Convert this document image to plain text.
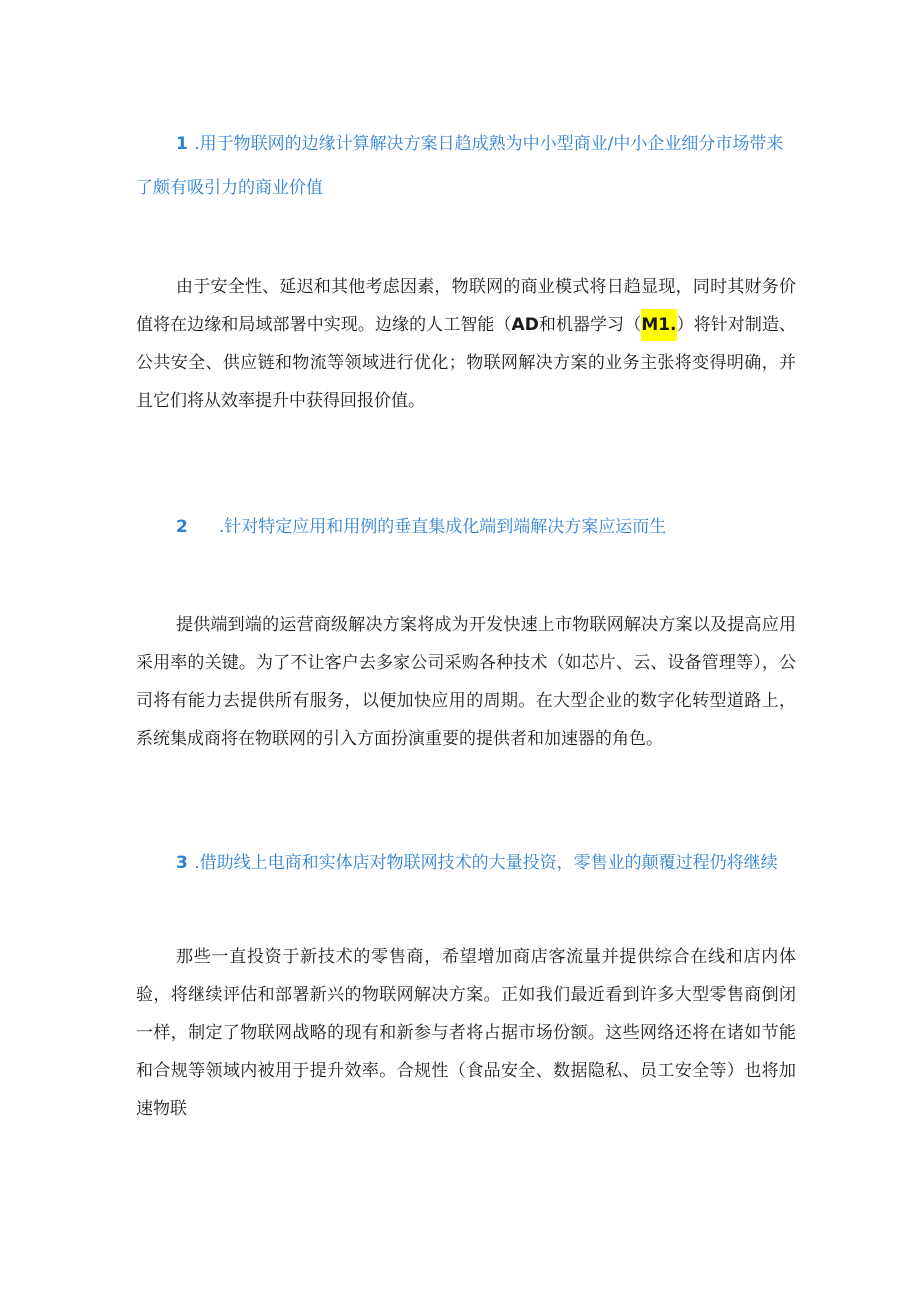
1 .用于物联网的边缘计算解决方案日趋成熟为中小型商业/中小企业细分市场带来了颇有吸引力的商业价值

由于安全性、延迟和其他考虑因素，物联网的商业模式将日趋显现，同时其财务价值将在边缘和局域部署中实现。边缘的人工智能（AD和机器学习（M1.）将针对制造、公共安全、供应链和物流等领域进行优化；物联网解决方案的业务主张将变得明确，并且它们将从效率提升中获得回报价值。

2 .针对特定应用和用例的垂直集成化端到端解决方案应运而生

提供端到端的运营商级解决方案将成为开发快速上市物联网解决方案以及提高应用采用率的关键。为了不让客户去多家公司采购各种技术（如芯片、云、设备管理等），公司将有能力去提供所有服务，以便加快应用的周期。在大型企业的数字化转型道路上，系统集成商将在物联网的引入方面扮演重要的提供者和加速器的角色。

3 .借助线上电商和实体店对物联网技术的大量投资，零售业的颠覆过程仍将继续

那些一直投资于新技术的零售商，希望增加商店客流量并提供综合在线和店内体验，将继续评估和部署新兴的物联网解决方案。正如我们最近看到许多大型零售商倒闭一样，制定了物联网战略的现有和新参与者将占据市场份额。这些网络还将在诸如节能和合规等领域内被用于提升效率。合规性（食品安全、数据隐私、员工安全等）也将加速物联
